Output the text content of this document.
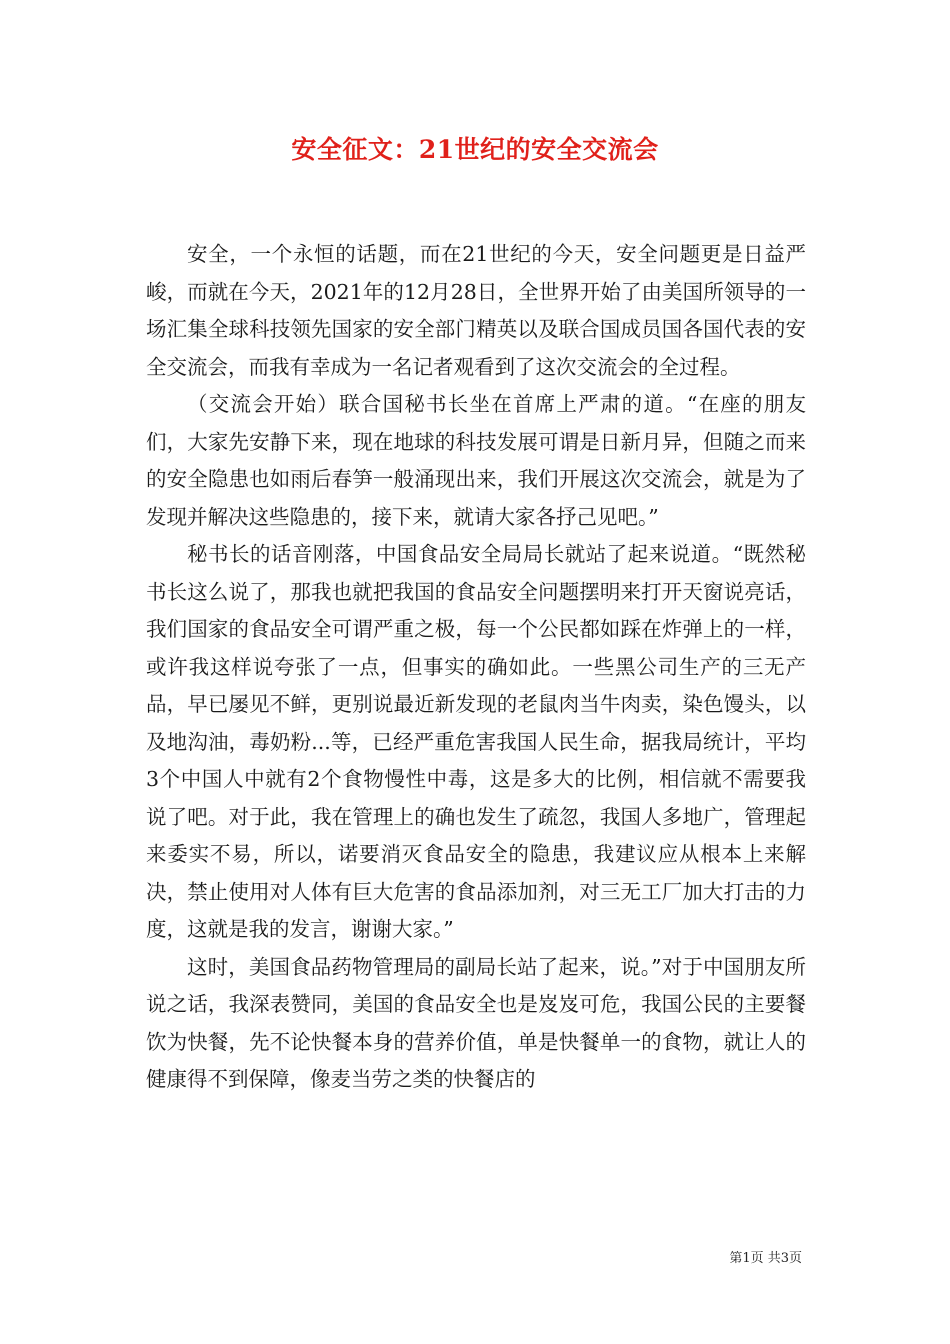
安全征文：21世纪的安全交流会

安全，一个永恒的话题，而在21世纪的今天，安全问题更是日益严峻，而就在今天，2021年的12月28日，全世界开始了由美国所领导的一场汇集全球科技领先国家的安全部门精英以及联合国成员国各国代表的安全交流会，而我有幸成为一名记者观看到了这次交流会的全过程。

（交流会开始）联合国秘书长坐在首席上严肃的道。“在座的朋友们，大家先安静下来，现在地球的科技发展可谓是日新月异，但随之而来的安全隐患也如雨后春笋一般涌现出来，我们开展这次交流会，就是为了发现并解决这些隐患的，接下来，就请大家各抒己见吧。”

秘书长的话音刚落，中国食品安全局局长就站了起来说道。“既然秘书长这么说了，那我也就把我国的食品安全问题摆明来打开天窗说亮话，我们国家的食品安全可谓严重之极，每一个公民都如踩在炸弹上的一样，或许我这样说夸张了一点，但事实的确如此。一些黑公司生产的三无产品，早已屡见不鲜，更别说最近新发现的老鼠肉当牛肉卖，染色馒头，以及地沟油，毒奶粉...等，已经严重危害我国人民生命，据我局统计，平均3个中国人中就有2个食物慢性中毒，这是多大的比例，相信就不需要我说了吧。对于此，我在管理上的确也发生了疏忽，我国人多地广，管理起来委实不易，所以，诺要消灭食品安全的隐患，我建议应从根本上来解决，禁止使用对人体有巨大危害的食品添加剂，对三无工厂加大打击的力度，这就是我的发言，谢谢大家。”

这时，美国食品药物管理局的副局长站了起来，说。”对于中国朋友所说之话，我深表赞同，美国的食品安全也是岌岌可危，我国公民的主要餐饮为快餐，先不论快餐本身的营养价值，单是快餐单一的食物，就让人的健康得不到保障，像麦当劳之类的快餐店的

第1页 共3页
